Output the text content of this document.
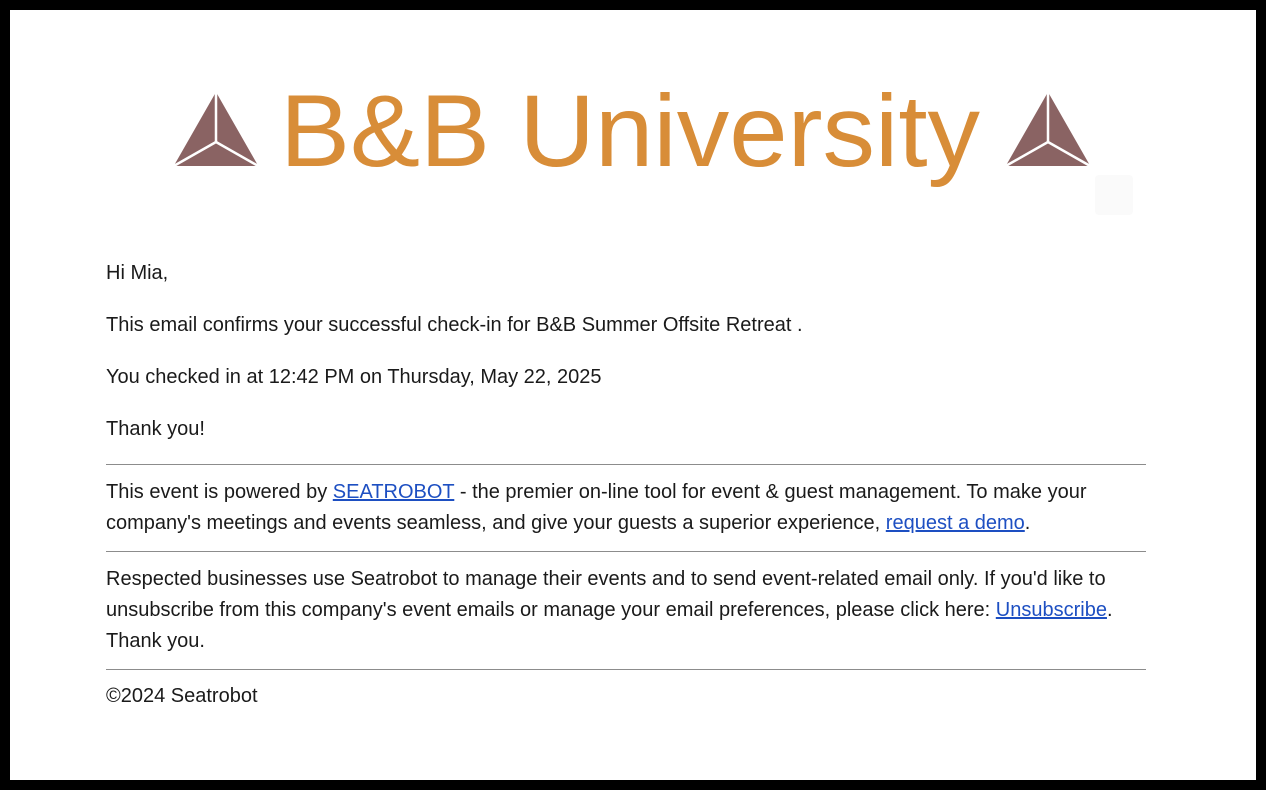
B&B University

Hi Mia,

This email confirms your successful check-in for B&B Summer Offsite Retreat .

You checked in at 12:42 PM on Thursday, May 22, 2025

Thank you!

This event is powered by SEATROBOT - the premier on-line tool for event & guest management. To make your company's meetings and events seamless, and give your guests a superior experience, request a demo.

Respected businesses use Seatrobot to manage their events and to send event-related email only. If you'd like to unsubscribe from this company's event emails or manage your email preferences, please click here: Unsubscribe. Thank you.

©2024 Seatrobot
